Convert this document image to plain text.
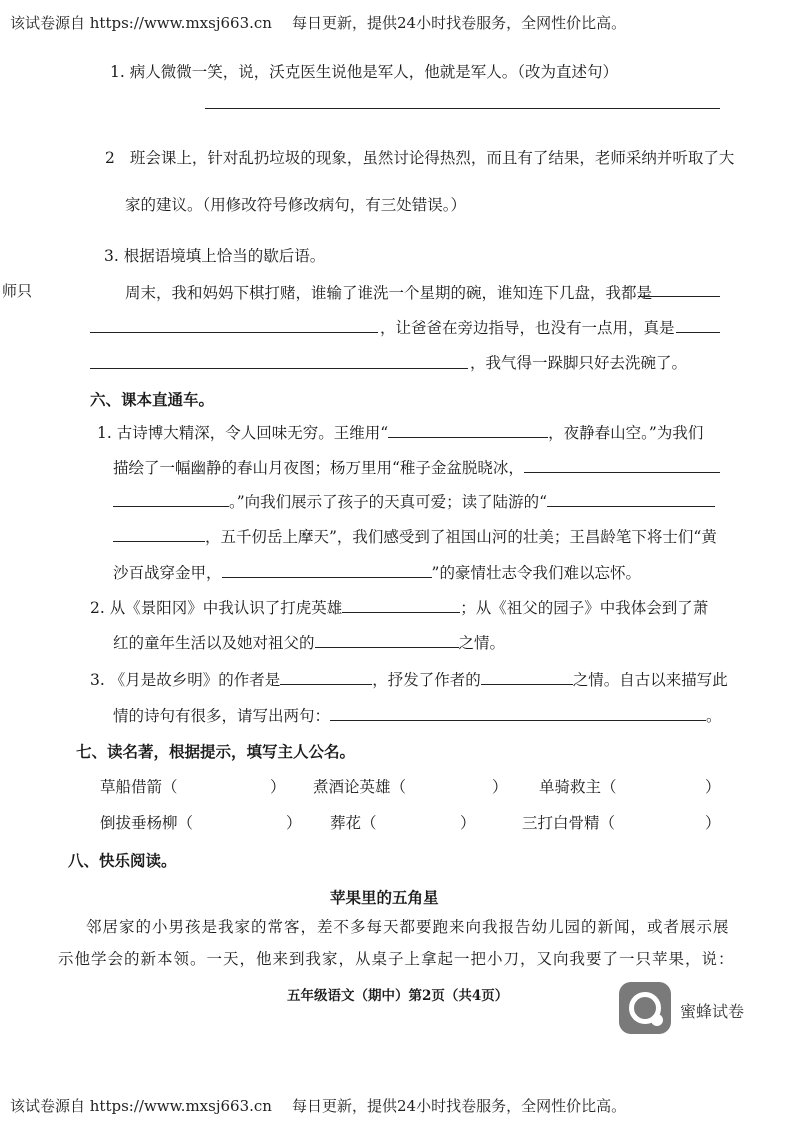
该试卷源自 https://www.mxsj663.cn 每日更新，提供24小时找卷服务，全网性价比高。
师只
1. 病人微微一笑，说，沃克医生说他是军人，他就是军人。（改为直述句）
2 班会课上，针对乱扔垃圾的现象，虽然讨论得热烈，而且有了结果，老师采纳并听取了大
家的建议。（用修改符号修改病句，有三处错误。）
3. 根据语境填上恰当的歇后语。
周末，我和妈妈下棋打赌，谁输了谁洗一个星期的碗，谁知连下几盘，我都是
，让爸爸在旁边指导，也没有一点用，真是
，我气得一跺脚只好去洗碗了。
六、课本直通车。
1. 古诗博大精深，令人回味无穷。王维用“	，夜静春山空。”为我们
描绘了一幅幽静的春山月夜图；杨万里用“稚子金盆脱晓冰，
。”向我们展示了孩子的天真可爱；读了陆游的“
，五千仞岳上摩天”，我们感受到了祖国山河的壮美；王昌龄笔下将士们“黄
沙百战穿金甲，	”的豪情壮志令我们难以忘怀。
2. 从《景阳冈》中我认识了打虎英雄	；从《祖父的园子》中我体会到了萧
红的童年生活以及她对祖父的	之情。
3. 《月是故乡明》的作者是	，抒发了作者的	之情。自古以来描写此
情的诗句有很多，请写出两句：	。
七、读名著，根据提示，填写主人公名。
草船借箭（	） 煮酒论英雄（	） 单骑救主（	）
倒拔垂杨柳（	） 葬花（	）	三打白骨精（	）
八、快乐阅读。
苹果里的五角星
邻居家的小男孩是我家的常客，差不多每天都要跑来向我报告幼儿园的新闻，或者展示展
示他学会的新本领。一天，他来到我家，从桌子上拿起一把小刀，又向我要了一只苹果，说：
五年级语文（期中）第2页（共4页）
蜜蜂试卷
该试卷源自 https://www.mxsj663.cn 每日更新，提供24小时找卷服务，全网性价比高。
